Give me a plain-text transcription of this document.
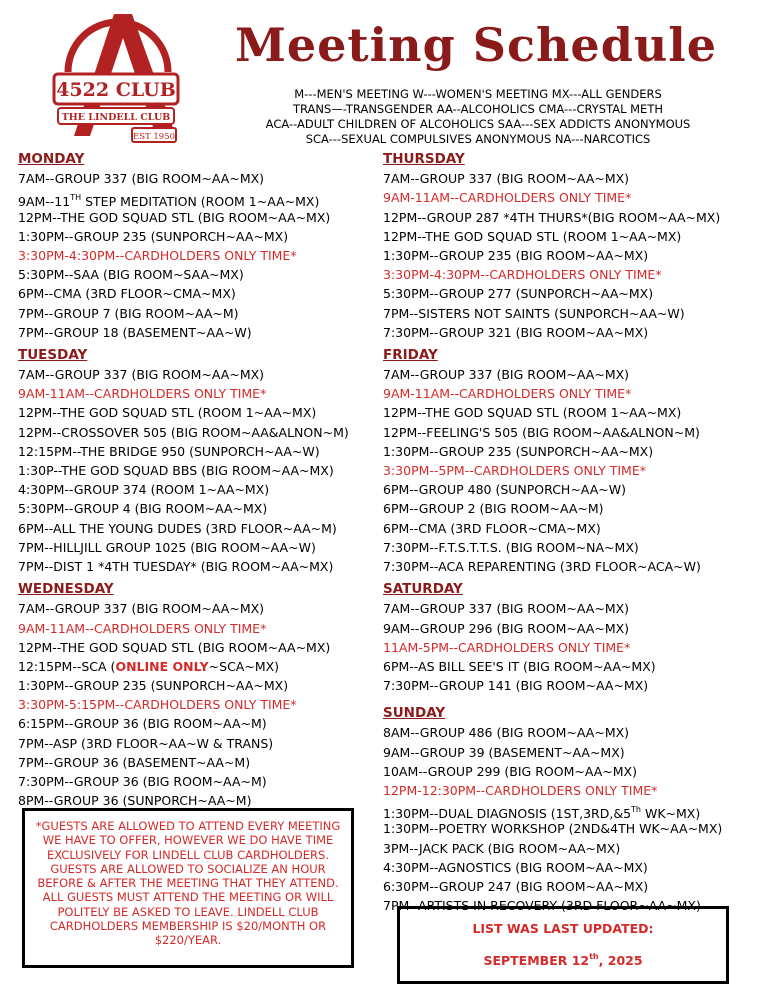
4522 CLUB
THE LINDELL CLUB
EST 1950
Meeting Schedule
M---MEN'S MEETING W---WOMEN'S MEETING MX---ALL GENDERS
TRANS—-TRANSGENDER AA--ALCOHOLICS CMA---CRYSTAL METH
ACA--ADULT CHILDREN OF ALCOHOLICS SAA---SEX ADDICTS ANONYMOUS
SCA---SEXUAL COMPULSIVES ANONYMOUS NA---NARCOTICS
MONDAY
7AM--GROUP 337 (BIG ROOM~AA~MX)
9AM--11TH STEP MEDITATION (ROOM 1~AA~MX)
12PM--THE GOD SQUAD STL (BIG ROOM~AA~MX)
1:30PM--GROUP 235 (SUNPORCH~AA~MX)
3:30PM-4:30PM--CARDHOLDERS ONLY TIME*
5:30PM--SAA (BIG ROOM~SAA~MX)
6PM--CMA (3RD FLOOR~CMA~MX)
7PM--GROUP 7 (BIG ROOM~AA~M)
7PM--GROUP 18 (BASEMENT~AA~W)
TUESDAY
7AM--GROUP 337 (BIG ROOM~AA~MX)
9AM-11AM--CARDHOLDERS ONLY TIME*
12PM--THE GOD SQUAD STL (ROOM 1~AA~MX)
12PM--CROSSOVER 505 (BIG ROOM~AA&ALNON~M)
12:15PM--THE BRIDGE 950 (SUNPORCH~AA~W)
1:30P--THE GOD SQUAD BBS (BIG ROOM~AA~MX)
4:30PM--GROUP 374 (ROOM 1~AA~MX)
5:30PM--GROUP 4 (BIG ROOM~AA~MX)
6PM--ALL THE YOUNG DUDES (3RD FLOOR~AA~M)
7PM--HILLJILL GROUP 1025 (BIG ROOM~AA~W)
7PM--DIST 1 *4TH TUESDAY* (BIG ROOM~AA~MX)
WEDNESDAY
7AM--GROUP 337 (BIG ROOM~AA~MX)
9AM-11AM--CARDHOLDERS ONLY TIME*
12PM--THE GOD SQUAD STL (BIG ROOM~AA~MX)
12:15PM--SCA (ONLINE ONLY~SCA~MX)
1:30PM--GROUP 235 (SUNPORCH~AA~MX)
3:30PM-5:15PM--CARDHOLDERS ONLY TIME*
6:15PM--GROUP 36 (BIG ROOM~AA~M)
7PM--ASP (3RD FLOOR~AA~W & TRANS)
7PM--GROUP 36 (BASEMENT~AA~M)
7:30PM--GROUP 36 (BIG ROOM~AA~M)
8PM--GROUP 36 (SUNPORCH~AA~M)
THURSDAY
7AM--GROUP 337 (BIG ROOM~AA~MX)
9AM-11AM--CARDHOLDERS ONLY TIME*
12PM--GROUP 287 *4TH THURS*(BIG ROOM~AA~MX)
12PM--THE GOD SQUAD STL (ROOM 1~AA~MX)
1:30PM--GROUP 235 (BIG ROOM~AA~MX)
3:30PM-4:30PM--CARDHOLDERS ONLY TIME*
5:30PM--GROUP 277 (SUNPORCH~AA~MX)
7PM--SISTERS NOT SAINTS (SUNPORCH~AA~W)
7:30PM--GROUP 321 (BIG ROOM~AA~MX)
FRIDAY
7AM--GROUP 337 (BIG ROOM~AA~MX)
9AM-11AM--CARDHOLDERS ONLY TIME*
12PM--THE GOD SQUAD STL (ROOM 1~AA~MX)
12PM--FEELING'S 505 (BIG ROOM~AA&ALNON~M)
1:30PM--GROUP 235 (SUNPORCH~AA~MX)
3:30PM--5PM--CARDHOLDERS ONLY TIME*
6PM--GROUP 480 (SUNPORCH~AA~W)
6PM--GROUP 2 (BIG ROOM~AA~M)
6PM--CMA (3RD FLOOR~CMA~MX)
7:30PM--F.T.S.T.T.S. (BIG ROOM~NA~MX)
7:30PM--ACA REPARENTING (3RD FLOOR~ACA~W)
SATURDAY
7AM--GROUP 337 (BIG ROOM~AA~MX)
9AM--GROUP 296 (BIG ROOM~AA~MX)
11AM-5PM--CARDHOLDERS ONLY TIME*
6PM--AS BILL SEE'S IT (BIG ROOM~AA~MX)
7:30PM--GROUP 141 (BIG ROOM~AA~MX)
SUNDAY
8AM--GROUP 486 (BIG ROOM~AA~MX)
9AM--GROUP 39 (BASEMENT~AA~MX)
10AM--GROUP 299 (BIG ROOM~AA~MX)
12PM-12:30PM--CARDHOLDERS ONLY TIME*
1:30PM--DUAL DIAGNOSIS (1ST,3RD,&5Th WK~MX)
1:30PM--POETRY WORKSHOP (2ND&4TH WK~AA~MX)
3PM--JACK PACK (BIG ROOM~AA~MX)
4:30PM--AGNOSTICS (BIG ROOM~AA~MX)
6:30PM--GROUP 247 (BIG ROOM~AA~MX)
7PM--ARTISTS IN RECOVERY (3RD FLOOR~AA~MX)
*GUESTS ARE ALLOWED TO ATTEND EVERY MEETING WE HAVE TO OFFER, HOWEVER WE DO HAVE TIME EXCLUSIVELY FOR LINDELL CLUB CARDHOLDERS. GUESTS ARE ALLOWED TO SOCIALIZE AN HOUR BEFORE & AFTER THE MEETING THAT THEY ATTEND. ALL GUESTS MUST ATTEND THE MEETING OR WILL POLITELY BE ASKED TO LEAVE. LINDELL CLUB CARDHOLDERS MEMBERSHIP IS $20/MONTH OR $220/YEAR.
LIST WAS LAST UPDATED:
SEPTEMBER 12th, 2025
